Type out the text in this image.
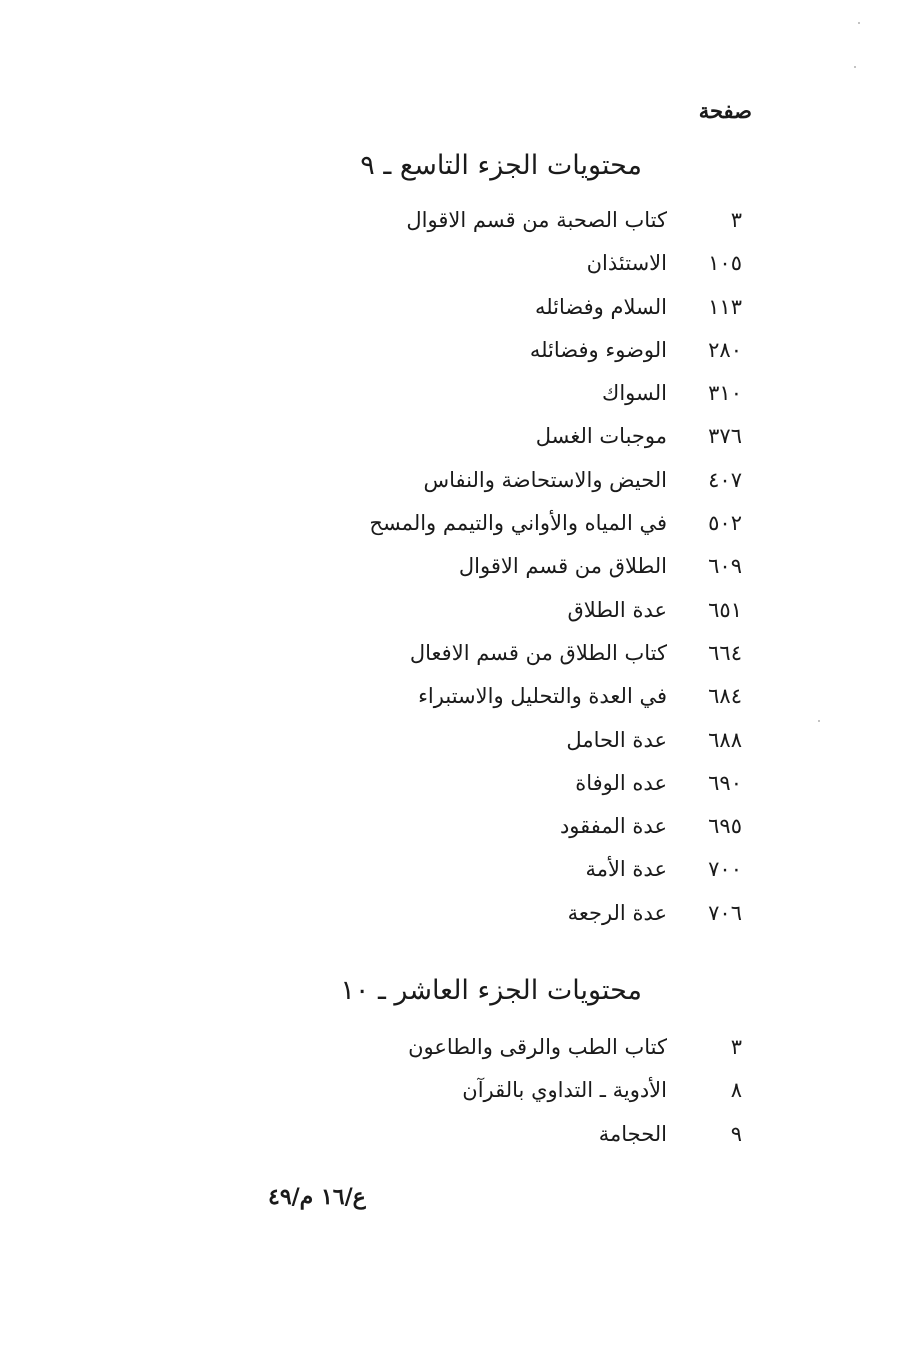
صفحة
محتويات الجزء التاسع ـ ٩
٣
كتاب الصحبة من قسم الاقوال
١٠٥
الاستئذان
١١٣
السلام وفضائله
٢٨٠
الوضوء وفضائله
٣١٠
السواك
٣٧٦
موجبات الغسل
٤٠٧
الحيض والاستحاضة والنفاس
٥٠٢
في المياه والأواني والتيمم والمسح
٦٠٩
الطلاق من قسم الاقوال
٦٥١
عدة الطلاق
٦٦٤
كتاب الطلاق من قسم الافعال
٦٨٤
في العدة والتحليل والاستبراء
٦٨٨
عدة الحامل
٦٩٠
عده الوفاة
٦٩٥
عدة المفقود
٧٠٠
عدة الأمة
٧٠٦
عدة الرجعة
محتويات الجزء العاشر ـ ١٠
٣
كتاب الطب والرقى والطاعون
٨
الأدوية ـ التداوي بالقرآن
٩
الحجامة
ع/١٦ م/٤٩
